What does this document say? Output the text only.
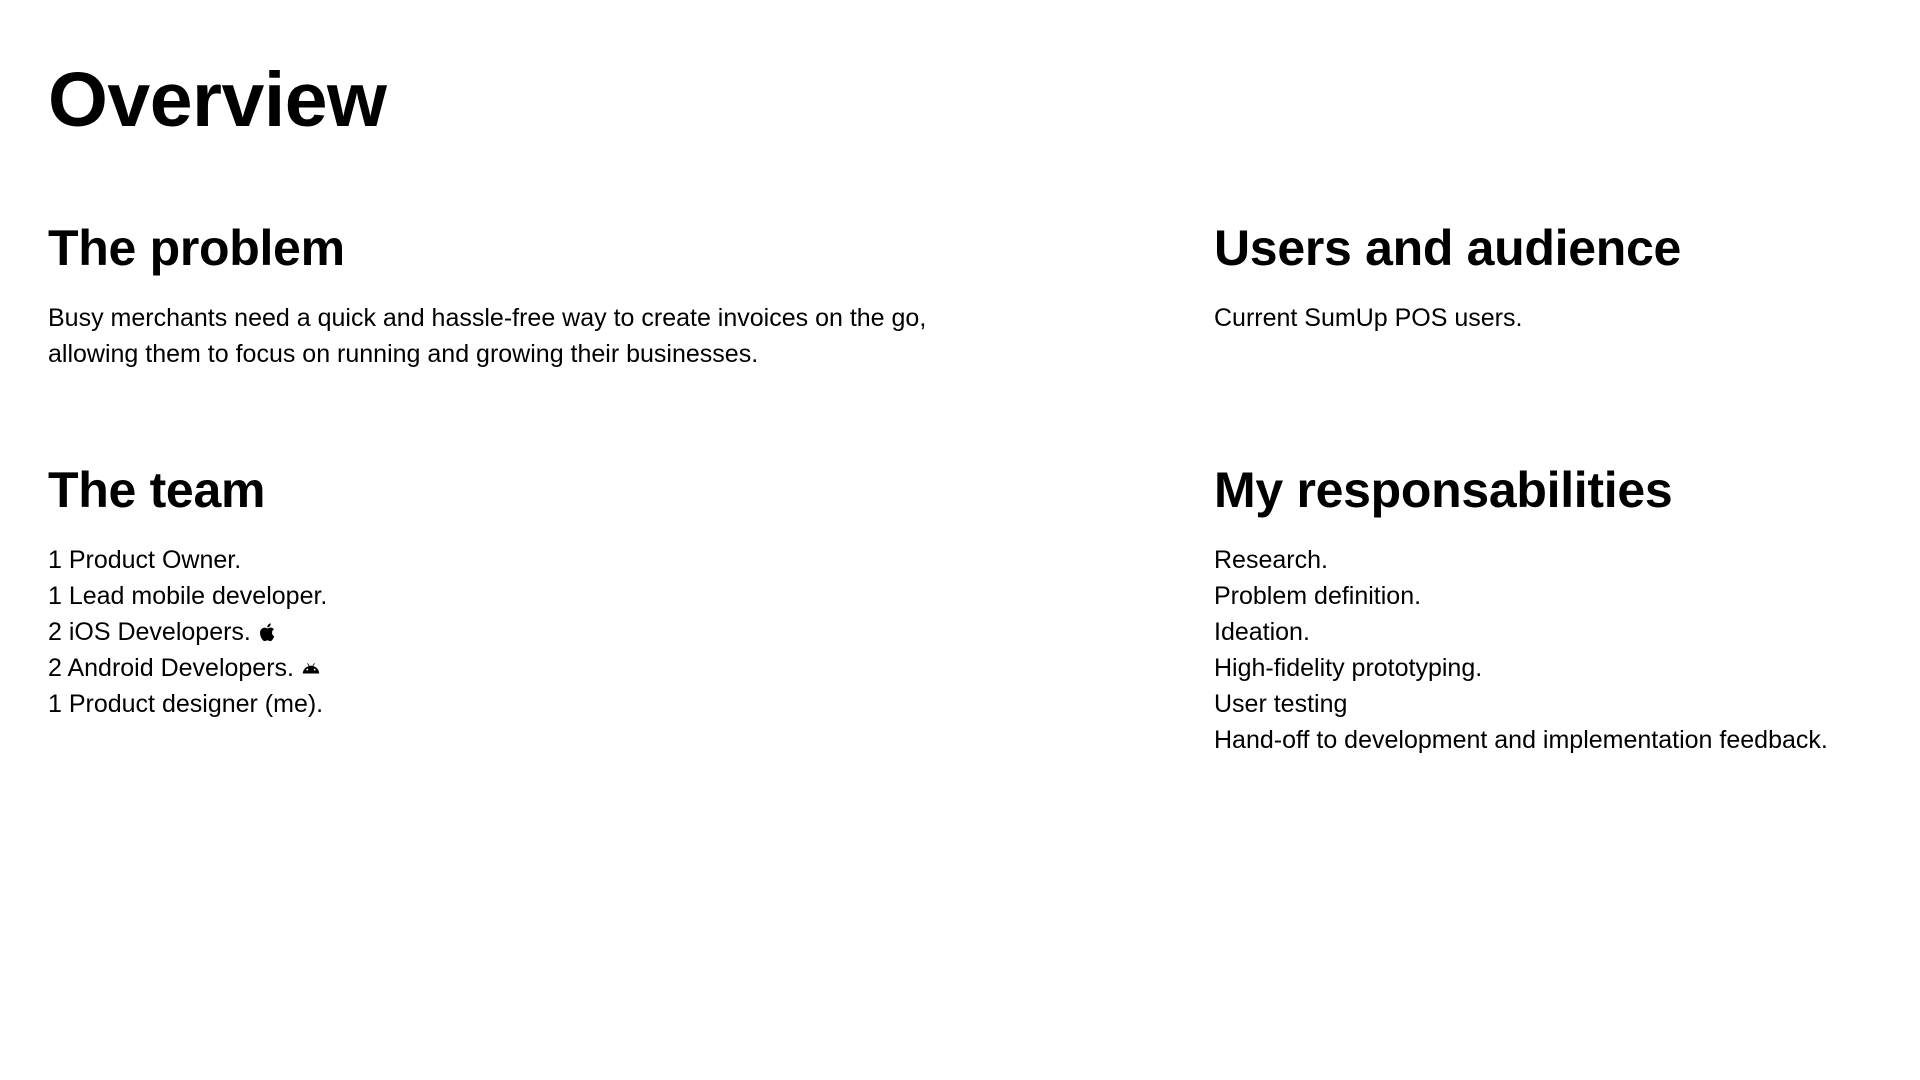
Overview
The problem

Busy merchants need a quick and hassle-free way to create invoices on the go, allowing them to focus on running and growing their businesses.

Users and audience

Current SumUp POS users.

The team
1 Product Owner.
1 Lead mobile developer.
2 iOS Developers.
2 Android Developers.
1 Product designer (me).
My responsabilities
Research.
Problem definition.
Ideation.
High-fidelity prototyping.
User testing
Hand-off to development and implementation feedback.
